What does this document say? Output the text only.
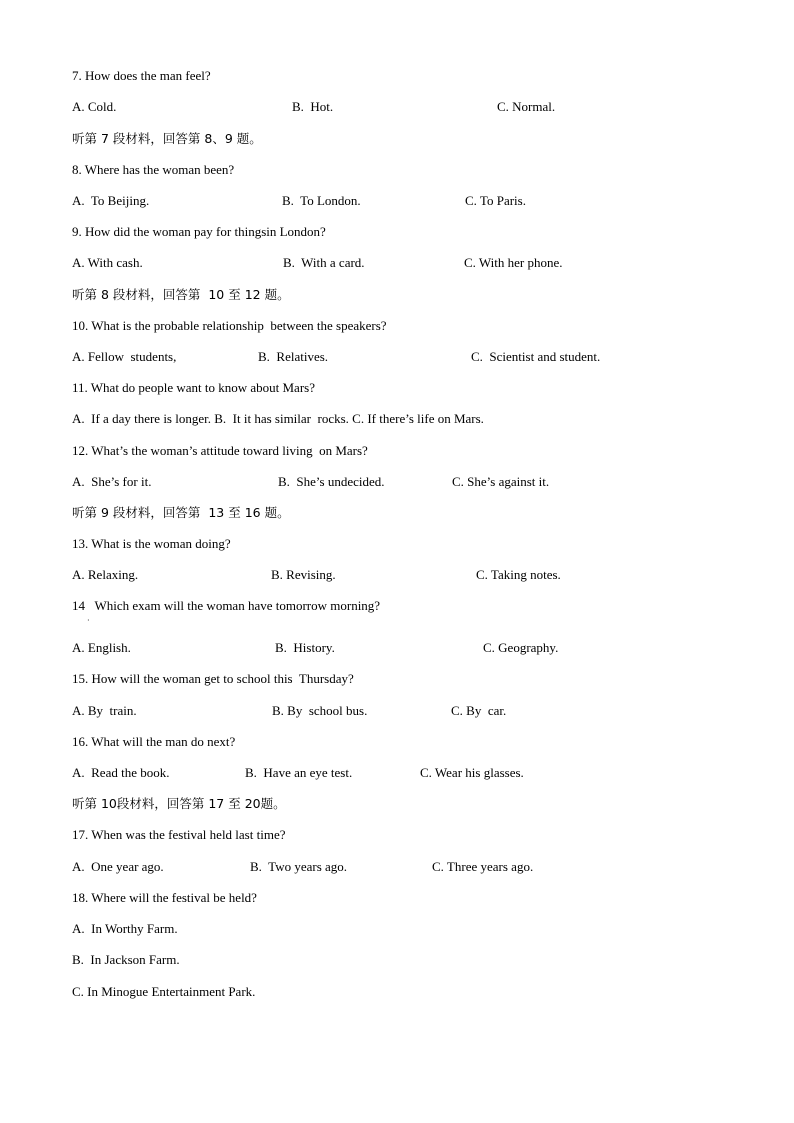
7. How does the man feel?
A. Cold.	B.  Hot.	C. Normal.
听第 7 段材料，回答第 8、9 题。
8. Where has the woman been?
A.  To Beijing.	B.  To London.	C. To Paris.
9. How did the woman pay for thingsin London?
A. With cash.	B.  With a card.	C. With her phone.
听第 8 段材料，回答第  10 至 12 题。
10. What is the probable relationship  between the speakers?
A. Fellow  students,	B.  Relatives.	C.  Scientist and student.
11. What do people want to know about Mars?
A.  If a day there is longer. B.  It it has similar  rocks. C. If there’s life on Mars.
12. What’s the woman’s attitude toward living  on Mars?
A.  She’s for it.	B.  She’s undecided.	C. She’s against it.
听第 9 段材料，回答第  13 至 16 题。
13. What is the woman doing?
A. Relaxing.	B. Revising.	C. Taking notes.
14   Which exam will the woman have tomorrow morning?
·
A. English.	B.  History.	C. Geography.
15. How will the woman get to school this  Thursday?
A. By  train.	B. By  school bus.	C. By  car.
16. What will the man do next?
A.  Read the book.	B.  Have an eye test.	C. Wear his glasses.
听第 10段材料，回答第 17 至 20题。
17. When was the festival held last time?
A.  One year ago.	B.  Two years ago.	C. Three years ago.
18. Where will the festival be held?
A.  In Worthy Farm.
B.  In Jackson Farm.
C. In Minogue Entertainment Park.
